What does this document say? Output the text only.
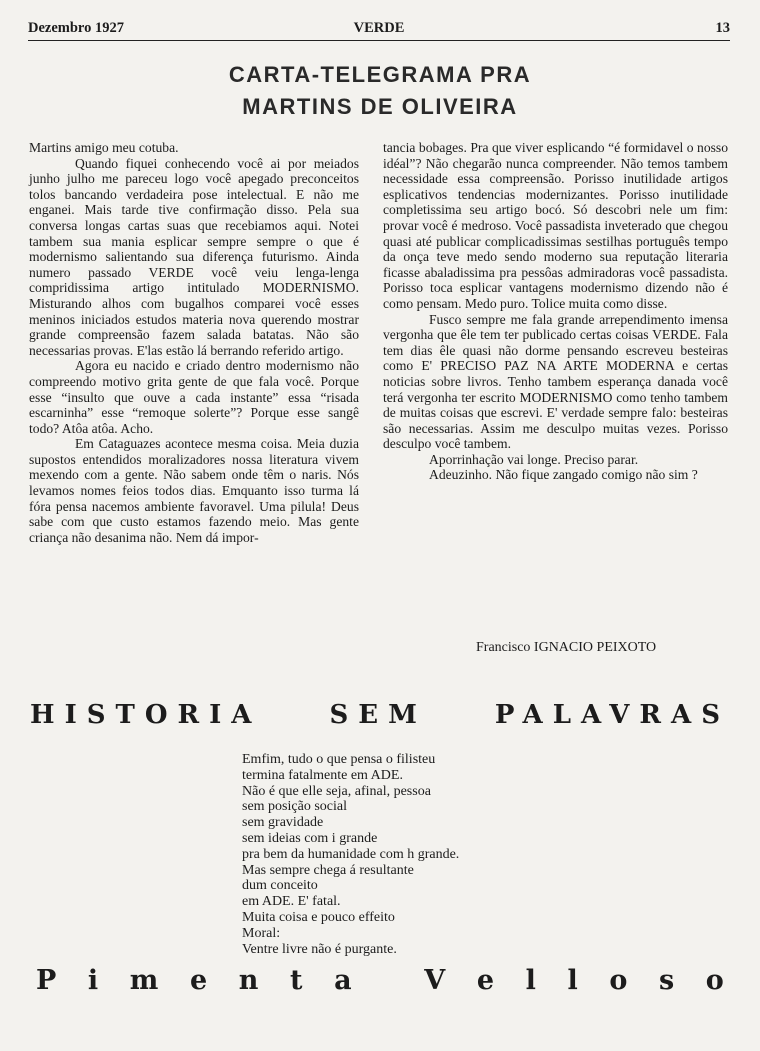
Dezembro 1927	VERDE	13
CARTA-TELEGRAMA PRA
MARTINS DE OLIVEIRA

Martins amigo meu cotuba.

Quando fiquei conhecendo você ai por meiados junho julho me pareceu logo você apegado preconceitos tolos bancando verdadeira pose intelectual. E não me enganei. Mais tarde tive confirmação disso. Pela sua conversa longas cartas suas que recebiamos aqui. Notei tambem sua mania esplicar sempre sempre o que é modernismo salientando sua diferença futurismo. Ainda numero passado VERDE você veiu lenga-lenga compridissima artigo intitulado MODERNISMO. Misturando alhos com bugalhos comparei você esses meninos iniciados estudos materia nova querendo mostrar grande compreensão fazem salada batatas. Não são necessarias provas. E'las estão lá berrando referido artigo.

Agora eu nacido e criado dentro modernismo não compreendo motivo grita gente de que fala você. Porque esse “insulto que ouve a cada instante” essa “risada escarninha” esse “remoque solerte”? Porque esse sangê todo? Atôa atôa. Acho.

Em Cataguazes acontece mesma coisa. Meia duzia supostos entendidos moralizadores nossa literatura vivem mexendo com a gente. Não sabem onde têm o naris. Nós levamos nomes feios todos dias. Emquanto isso turma lá fóra pensa nacemos ambiente favoravel. Uma pilula! Deus sabe com que custo estamos fazendo meio. Mas gente criança não desanima não. Nem dá impor-

tancia bobages. Pra que viver esplicando “é formidavel o nosso idéal”? Não chegarão nunca compreender. Não temos tambem necessidade essa compreensão. Porisso inutilidade artigos esplicativos tendencias modernizantes. Porisso inutilidade completissima seu artigo bocó. Só descobri nele um fim: provar você é medroso. Você passadista inveterado que chegou quasi até publicar complicadissimas sestilhas português tempo da onça teve medo sendo moderno sua reputação literaria ficasse abaladissima pra pessôas admiradoras você passadista. Porisso toca esplicar vantagens modernismo dizendo não é como pensam. Medo puro. Tolice muita como disse.

Fusco sempre me fala grande arrependimento imensa vergonha que êle tem ter publicado certas coisas VERDE. Fala tem dias êle quasi não dorme pensando escreveu besteiras como E' PRECISO PAZ NA ARTE MODERNA e certas noticias sobre livros. Tenho tambem esperança danada você terá vergonha ter escrito MODERNISMO como tenho tambem de muitas coisas que escrevi. E' verdade sempre falo: besteiras são necessarias. Assim me desculpo muitas vezes. Porisso desculpo você tambem.

Aporrinhação vai longe. Preciso parar.

Adeuzinho. Não fique zangado comigo não sim ?

Francisco IGNACIO PEIXOTO
HISTORIA	SEM	PALAVRAS
Emfim, tudo o que pensa o filisteu
termina fatalmente em ADE.
Não é que elle seja, afinal, pessoa
sem posição social
sem gravidade
sem ideias com i grande
pra bem da humanidade com h grande.
Mas sempre chega á resultante
dum conceito
em ADE. E' fatal.
Muita coisa e pouco effeito
Moral:
Ventre livre não é purgante.
P i m e n t a
	V e l l o s o
